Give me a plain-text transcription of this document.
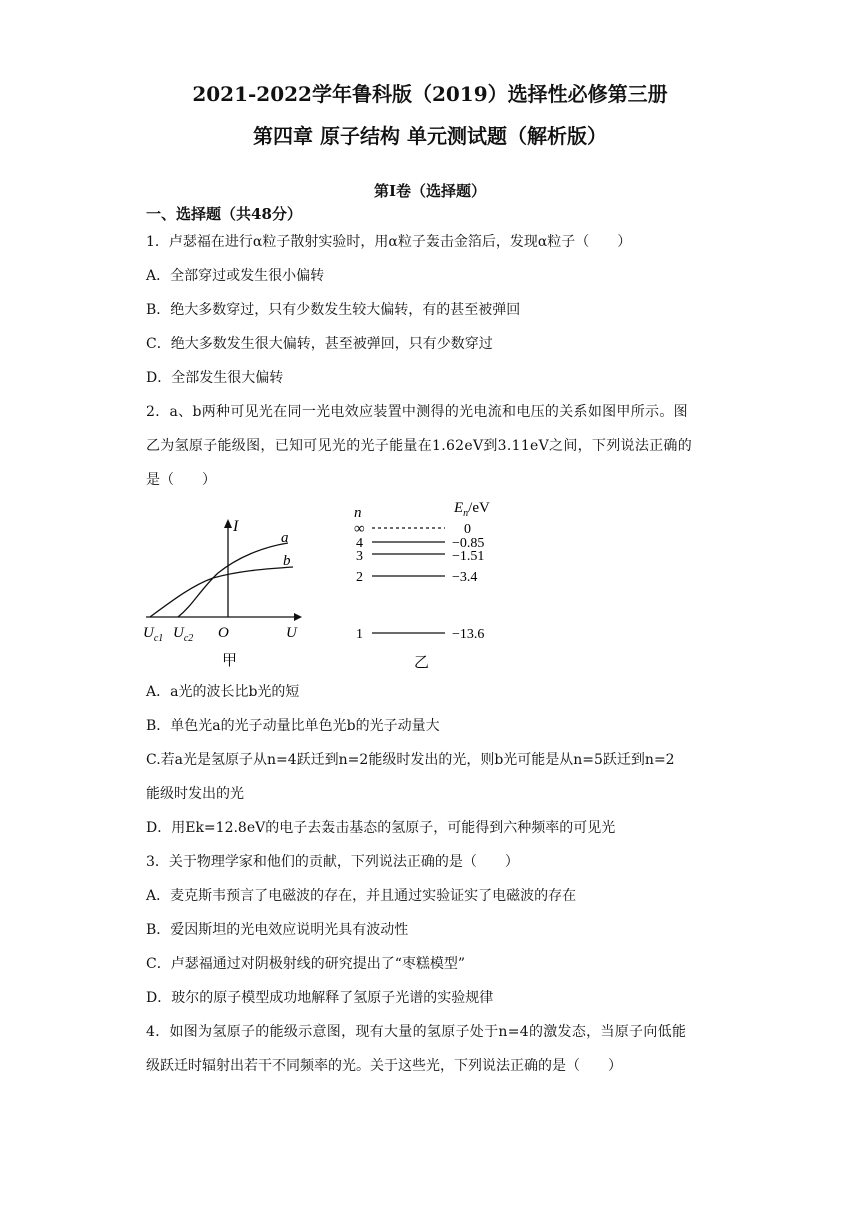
2021-2022学年鲁科版（2019）选择性必修第三册
第四章 原子结构 单元测试题（解析版）
第Ⅰ卷（选择题）
一、选择题（共48分）
1．卢瑟福在进行α粒子散射实验时，用α粒子轰击金箔后，发现α粒子（　　）
A．全部穿过或发生很小偏转
B．绝大多数穿过，只有少数发生较大偏转，有的甚至被弹回
C．绝大多数发生很大偏转，甚至被弹回，只有少数穿过
D．全部发生很大偏转
2．a、b两种可见光在同一光电效应装置中测得的光电流和电压的关系如图甲所示。图
乙为氢原子能级图，已知可见光的光子能量在1.62eV到3.11eV之间，下列说法正确的
是（　　）
I
a
b
O	U
$U_{c1}$ $U_{c2}$
甲
n	$E_n/eV$
∞	0
4	−0.85
3	−1.51
2	−3.4
1	−13.6
乙
A．a光的波长比b光的短
B．单色光a的光子动量比单色光b的光子动量大
C.若a光是氢原子从n=4跃迁到n=2能级时发出的光，则b光可能是从n=5跃迁到n=2
能级时发出的光
D．用Ek=12.8eV的电子去轰击基态的氢原子，可能得到六种频率的可见光
3．关于物理学家和他们的贡献，下列说法正确的是（　　）
A．麦克斯韦预言了电磁波的存在，并且通过实验证实了电磁波的存在
B．爱因斯坦的光电效应说明光具有波动性
C．卢瑟福通过对阴极射线的研究提出了“枣糕模型”
D．玻尔的原子模型成功地解释了氢原子光谱的实验规律
4．如图为氢原子的能级示意图，现有大量的氢原子处于n=4的激发态，当原子向低能
级跃迁时辐射出若干不同频率的光。关于这些光，下列说法正确的是（　　）
